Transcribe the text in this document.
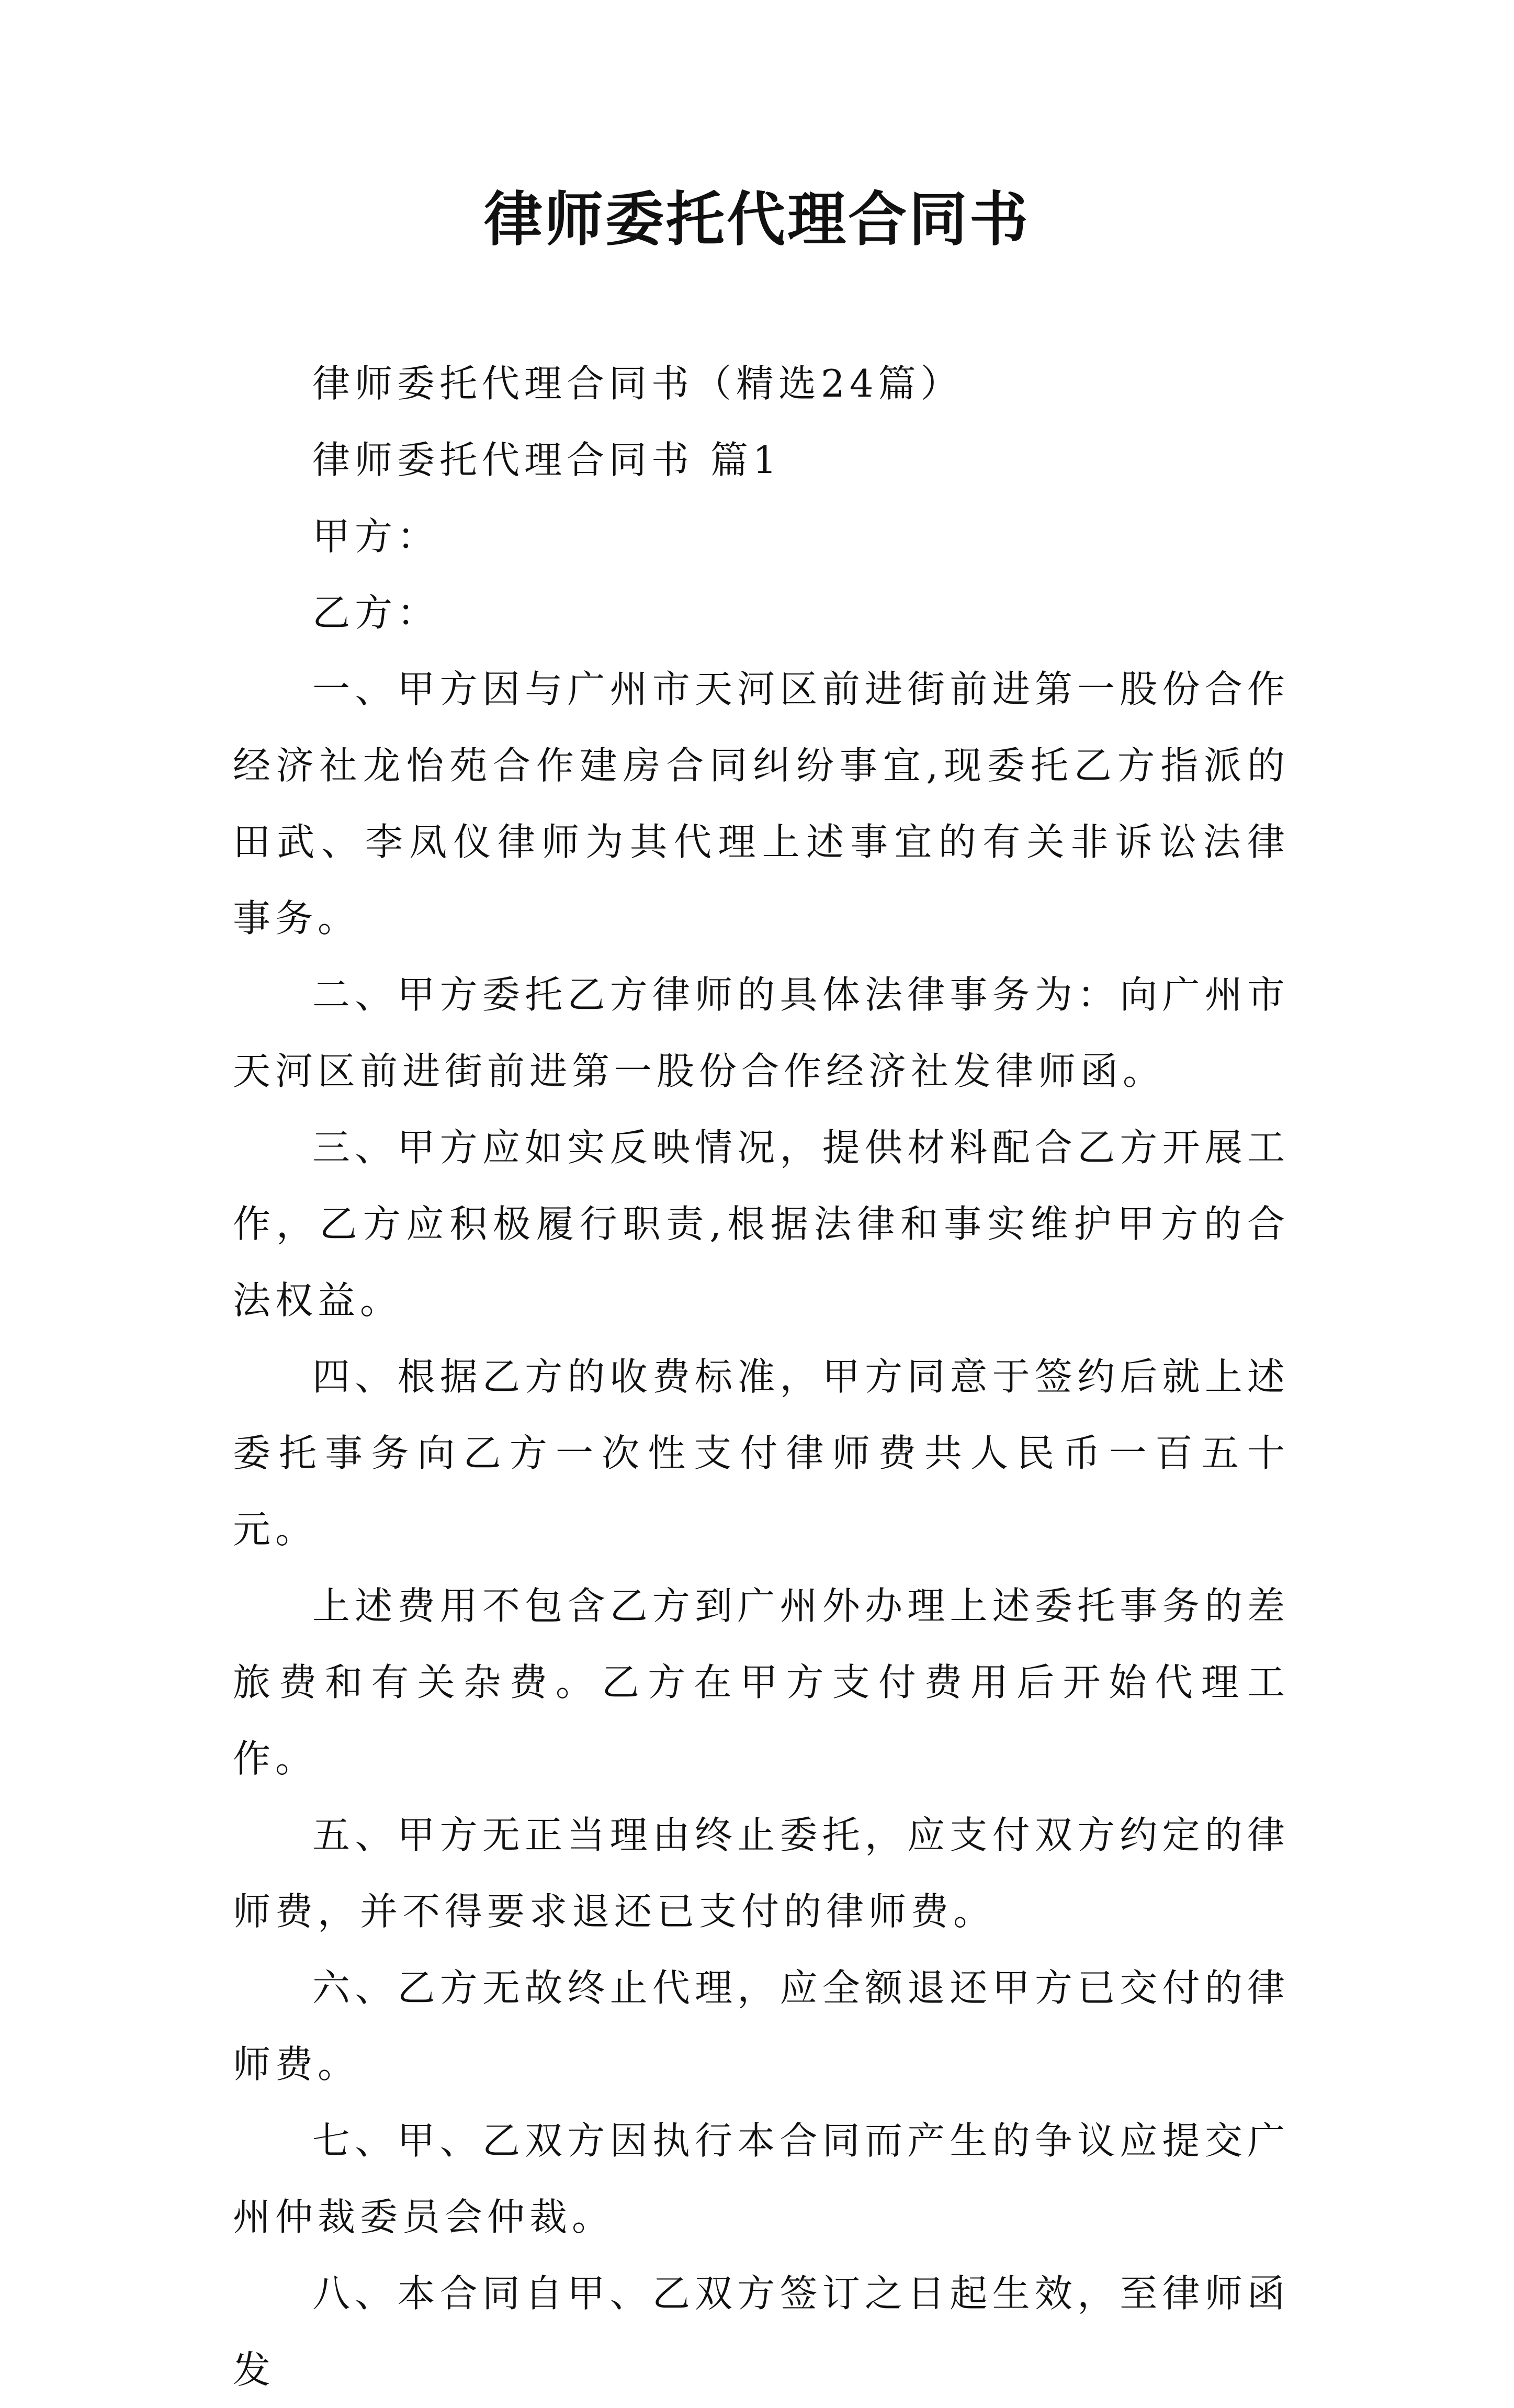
律师委托代理合同书

律师委托代理合同书（精选24篇）

律师委托代理合同书 篇1

甲方：

乙方：

一、甲方因与广州市天河区前进街前进第一股份合作经济社龙怡苑合作建房合同纠纷事宜,现委托乙方指派的田武、李凤仪律师为其代理上述事宜的有关非诉讼法律事务。

二、甲方委托乙方律师的具体法律事务为：向广州市天河区前进街前进第一股份合作经济社发律师函。

三、甲方应如实反映情况，提供材料配合乙方开展工作，乙方应积极履行职责,根据法律和事实维护甲方的合法权益。

四、根据乙方的收费标准，甲方同意于签约后就上述委托事务向乙方一次性支付律师费共人民币一百五十元。

上述费用不包含乙方到广州外办理上述委托事务的差旅费和有关杂费。乙方在甲方支付费用后开始代理工作。

五、甲方无正当理由终止委托，应支付双方约定的律师费，并不得要求退还已支付的律师费。

六、乙方无故终止代理，应全额退还甲方已交付的律师费。

七、甲、乙双方因执行本合同而产生的争议应提交广州仲裁委员会仲裁。

八、本合同自甲、乙双方签订之日起生效，至律师函发
